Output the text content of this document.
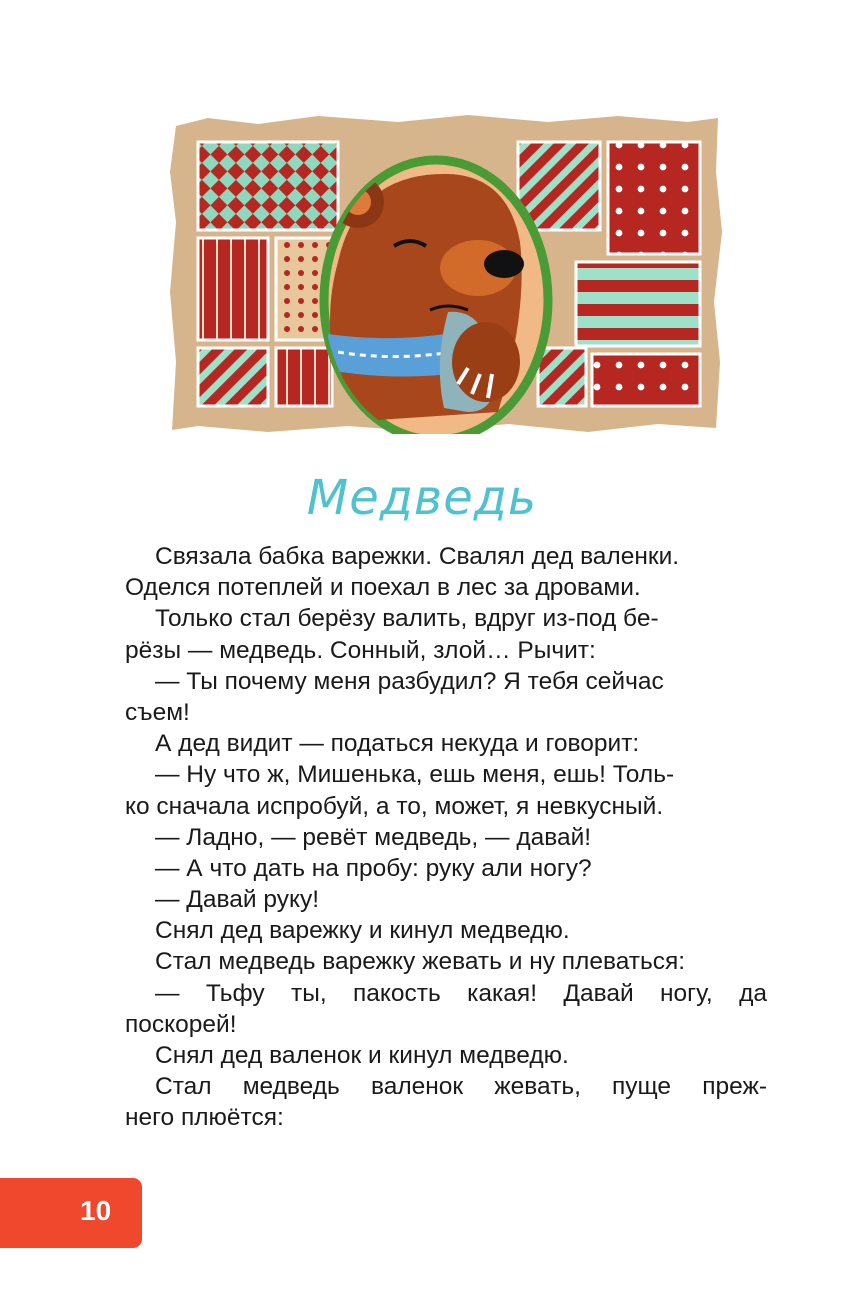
Медведь
Связала бабка варежки. Свалял дед валенки.
Оделся потеплей и поехал в лес за дровами.
Только стал берёзу валить, вдруг из-под бе-
рёзы — медведь. Сонный, злой… Рычит:
— Ты почему меня разбудил? Я тебя сейчас
съем!
А дед видит — податься некуда и говорит:
— Ну что ж, Мишенька, ешь меня, ешь! Толь-
ко сначала испробуй, а то, может, я невкусный.
— Ладно, — ревёт медведь, — давай!
— А что дать на пробу: руку али ногу?
— Давай руку!
Снял дед варежку и кинул медведю.
Стал медведь варежку жевать и ну плеваться:
— Тьфу ты, пакость какая! Давай ногу, да
поскорей!
Снял дед валенок и кинул медведю.
Стал медведь валенок жевать, пуще преж-
него плюётся:
10
